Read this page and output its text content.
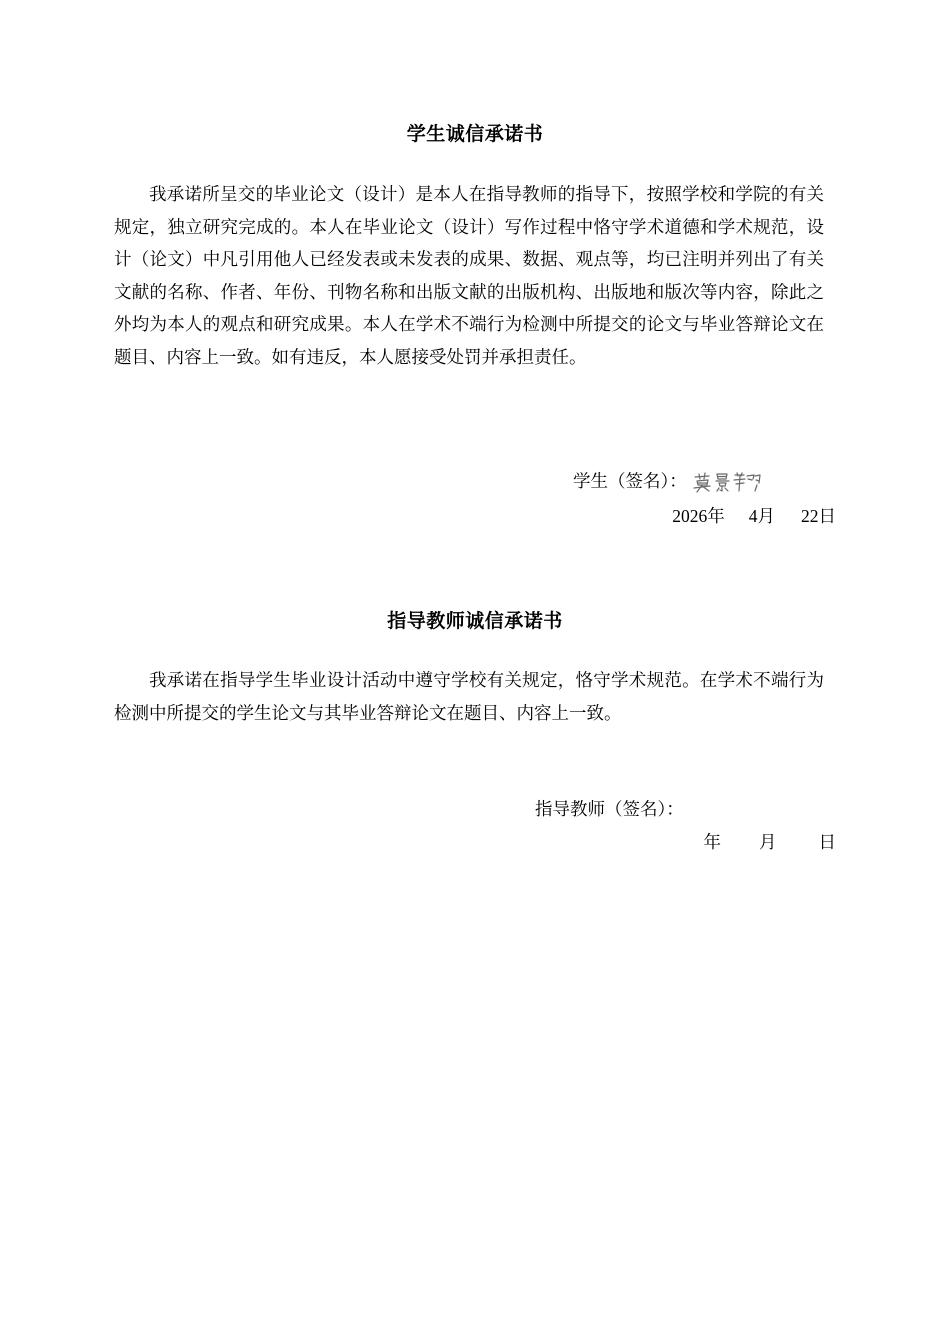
学生诚信承诺书
我承诺所呈交的毕业论文（设计）是本人在指导教师的指导下，按照学校和学院的有关规定，独立研究完成的。本人在毕业论文（设计）写作过程中恪守学术道德和学术规范，设计（论文）中凡引用他人已经发表或未发表的成果、数据、观点等，均已注明并列出了有关文献的名称、作者、年份、刊物名称和出版文献的出版机构、出版地和版次等内容，除此之外均为本人的观点和研究成果。本人在学术不端行为检测中所提交的论文与毕业答辩论文在题目、内容上一致。如有违反，本人愿接受处罚并承担责任。
学生（签名）：
2026年 4月 22日
指导教师诚信承诺书
我承诺在指导学生毕业设计活动中遵守学校有关规定，恪守学术规范。在学术不端行为检测中所提交的学生论文与其毕业答辩论文在题目、内容上一致。
指导教师（签名）：
年 月 日
